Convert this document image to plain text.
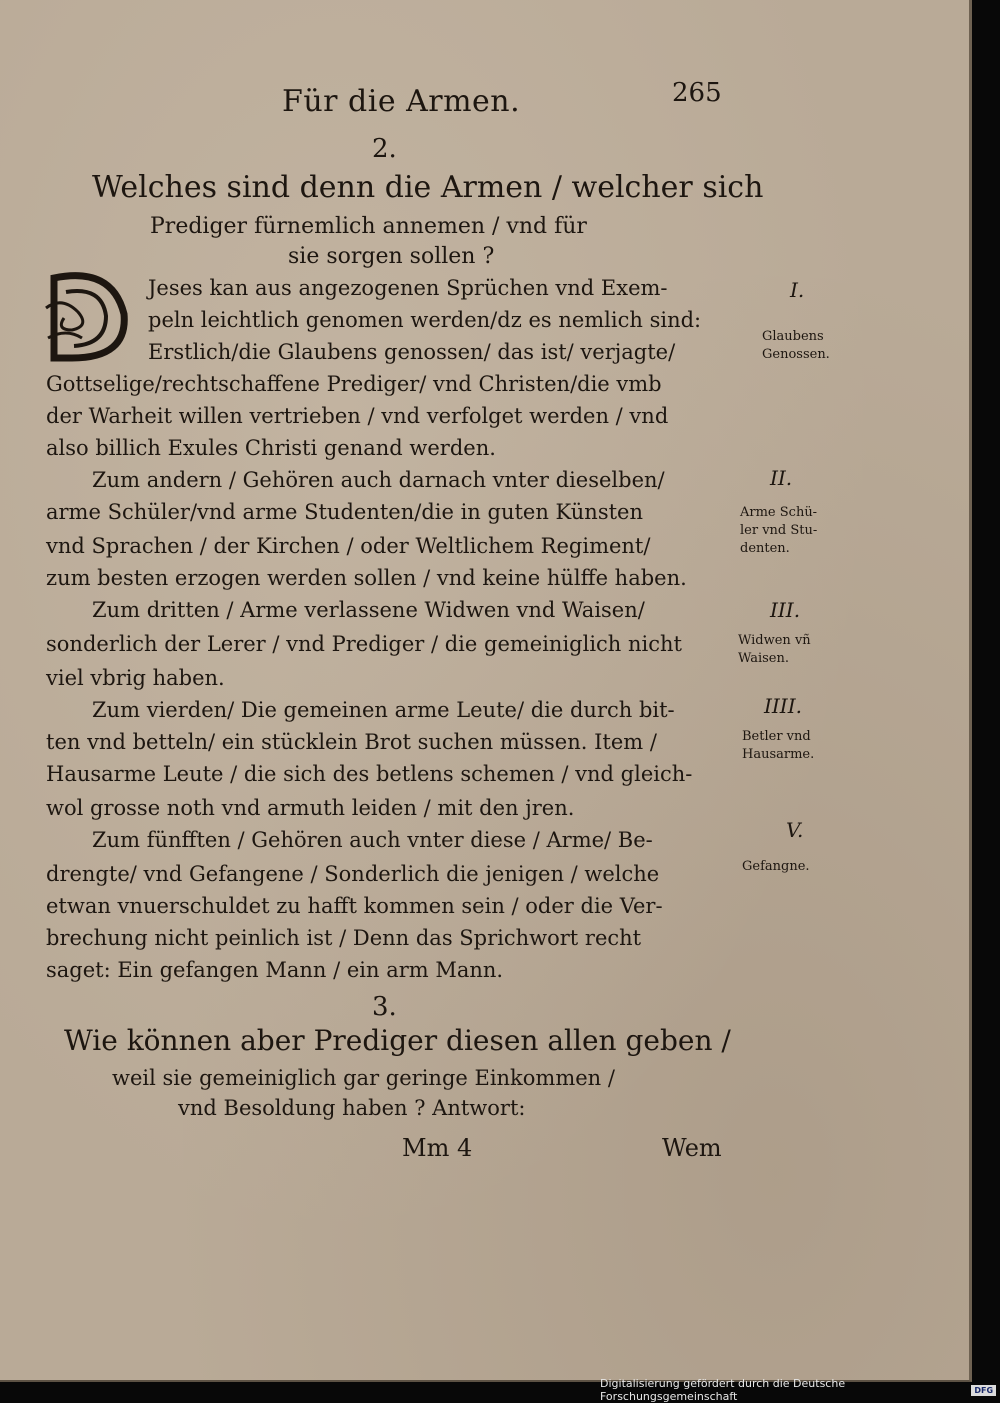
Für die Armen.	265
2.
Welches sind denn die Armen / welcher sich
Prediger fürnemlich annemen / vnd für
sie sorgen sollen ?
Jeses kan aus angezogenen Sprüchen vnd Exem-
peln leichtlich genomen werden/dz es nemlich sind:
Erstlich/die Glaubens genossen/ das ist/ verjagte/
Gottselige/rechtschaffene Prediger/ vnd Christen/die vmb
der Warheit willen vertrieben / vnd verfolget werden / vnd
also billich Exules Christi genand werden.
Zum andern / Gehören auch darnach vnter dieselben/
arme Schüler/vnd arme Studenten/die in guten Künsten
vnd Sprachen / der Kirchen / oder Weltlichem Regiment/
zum besten erzogen werden sollen / vnd keine hülffe haben.
Zum dritten / Arme verlassene Widwen vnd Waisen/
sonderlich der Lerer / vnd Prediger / die gemeiniglich nicht
viel vbrig haben.
Zum vierden/ Die gemeinen arme Leute/ die durch bit-
ten vnd betteln/ ein stücklein Brot suchen müssen. Item /
Hausarme Leute / die sich des betlens schemen / vnd gleich-
wol grosse noth vnd armuth leiden / mit den jren.
Zum fünfften / Gehören auch vnter diese / Arme/ Be-
drengte/ vnd Gefangene / Sonderlich die jenigen / welche
etwan vnuerschuldet zu hafft kommen sein / oder die Ver-
brechung nicht peinlich ist / Denn das Sprichwort recht
saget: Ein gefangen Mann / ein arm Mann.
I.
Glaubens
Genossen.
II.
Arme Schü-
ler vnd Stu-
denten.
III.
Widwen vñ
Waisen.
IIII.
Betler vnd
Hausarme.
V.
Gefangne.
3.
Wie können aber Prediger diesen allen geben /
weil sie gemeiniglich gar geringe Einkommen /
vnd Besoldung haben ? Antwort:
Mm 4	Wem
Digitalisierung gefördert durch die Deutsche Forschungsgemeinschaft	DFG
